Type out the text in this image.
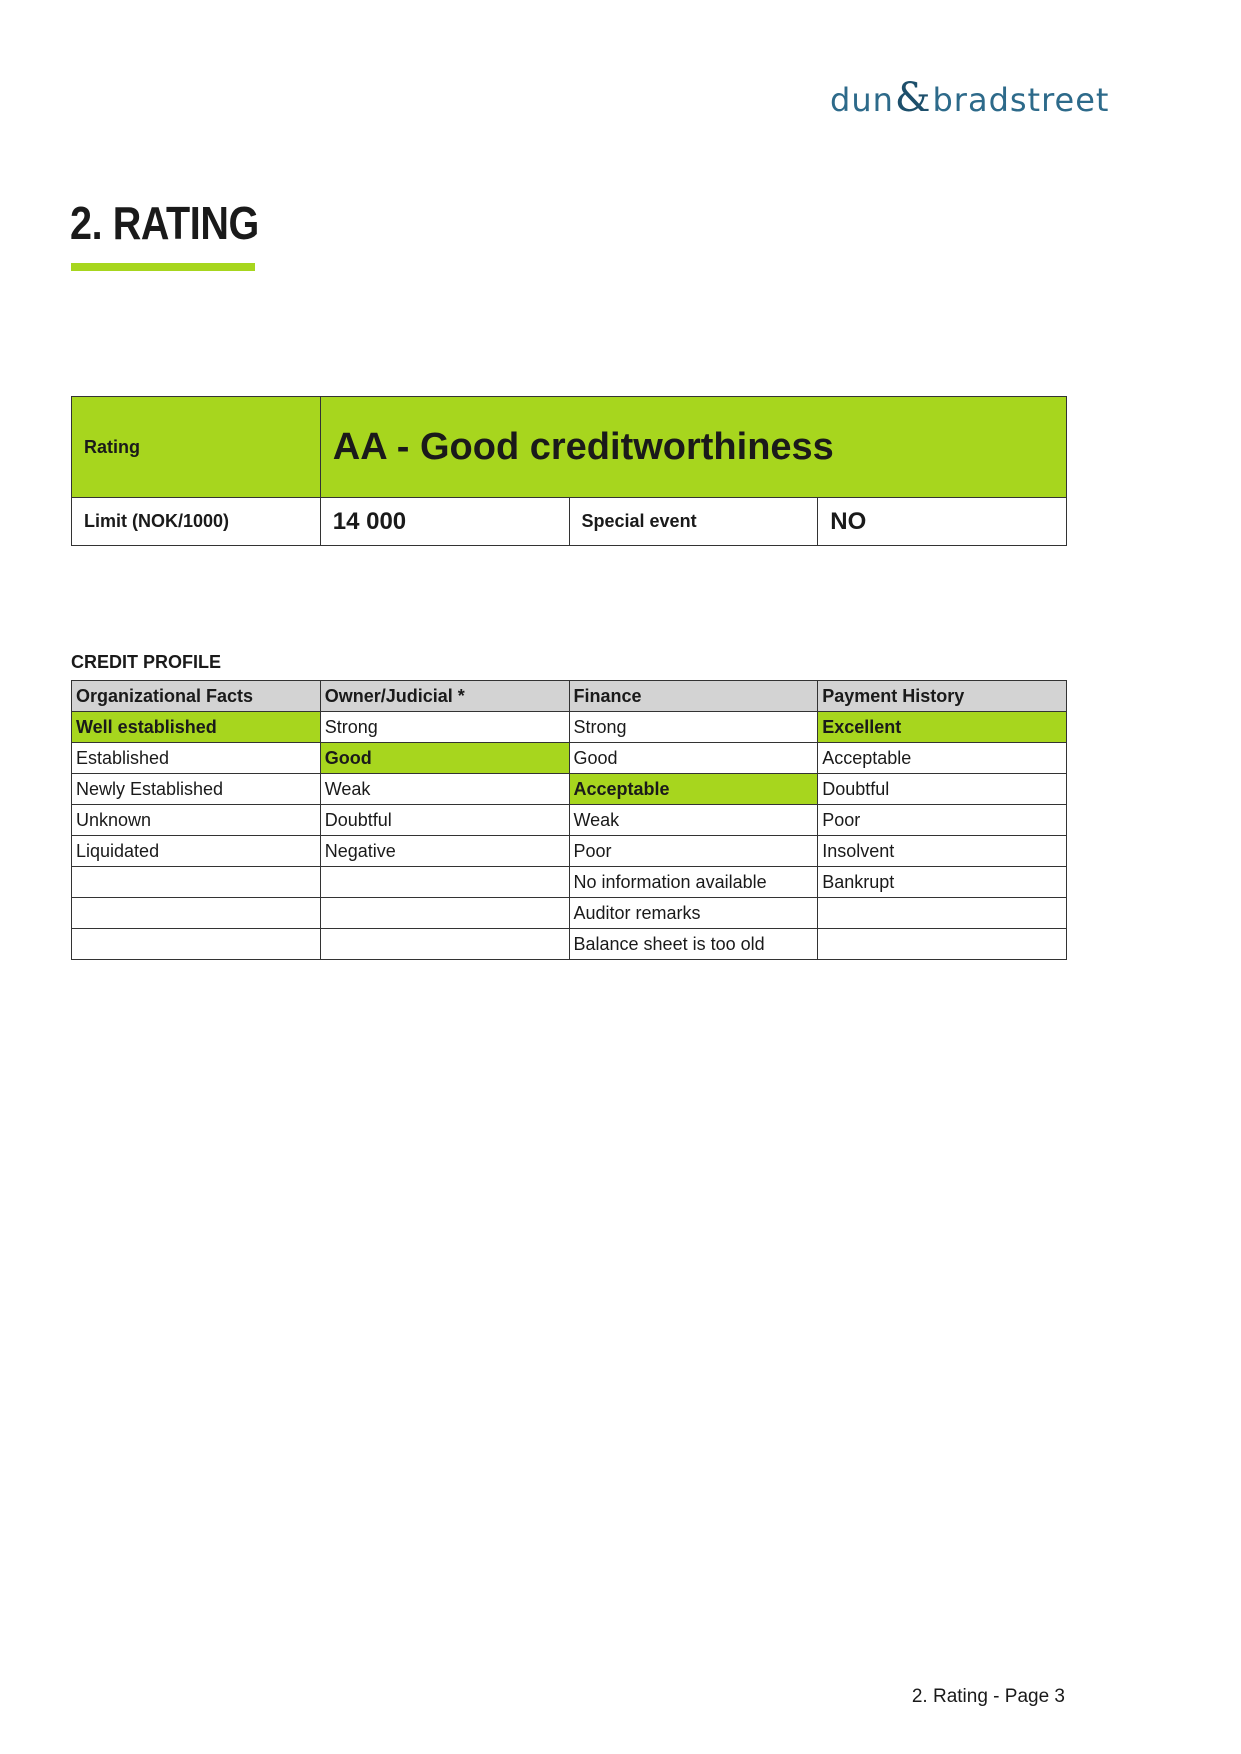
dun & bradstreet
2. RATING
Rating	AA - Good creditworthiness		
Limit (NOK/1000)	14 000	Special event	NO
CREDIT PROFILE
Organizational Facts	Owner/Judicial *	Finance	Payment History
Well established	Strong	Strong	Excellent
Established	Good	Good	Acceptable
Newly Established	Weak	Acceptable	Doubtful
Unknown	Doubtful	Weak	Poor
Liquidated	Negative	Poor	Insolvent
		No information available	Bankrupt
		Auditor remarks	
		Balance sheet is too old	
2. Rating - Page 3
